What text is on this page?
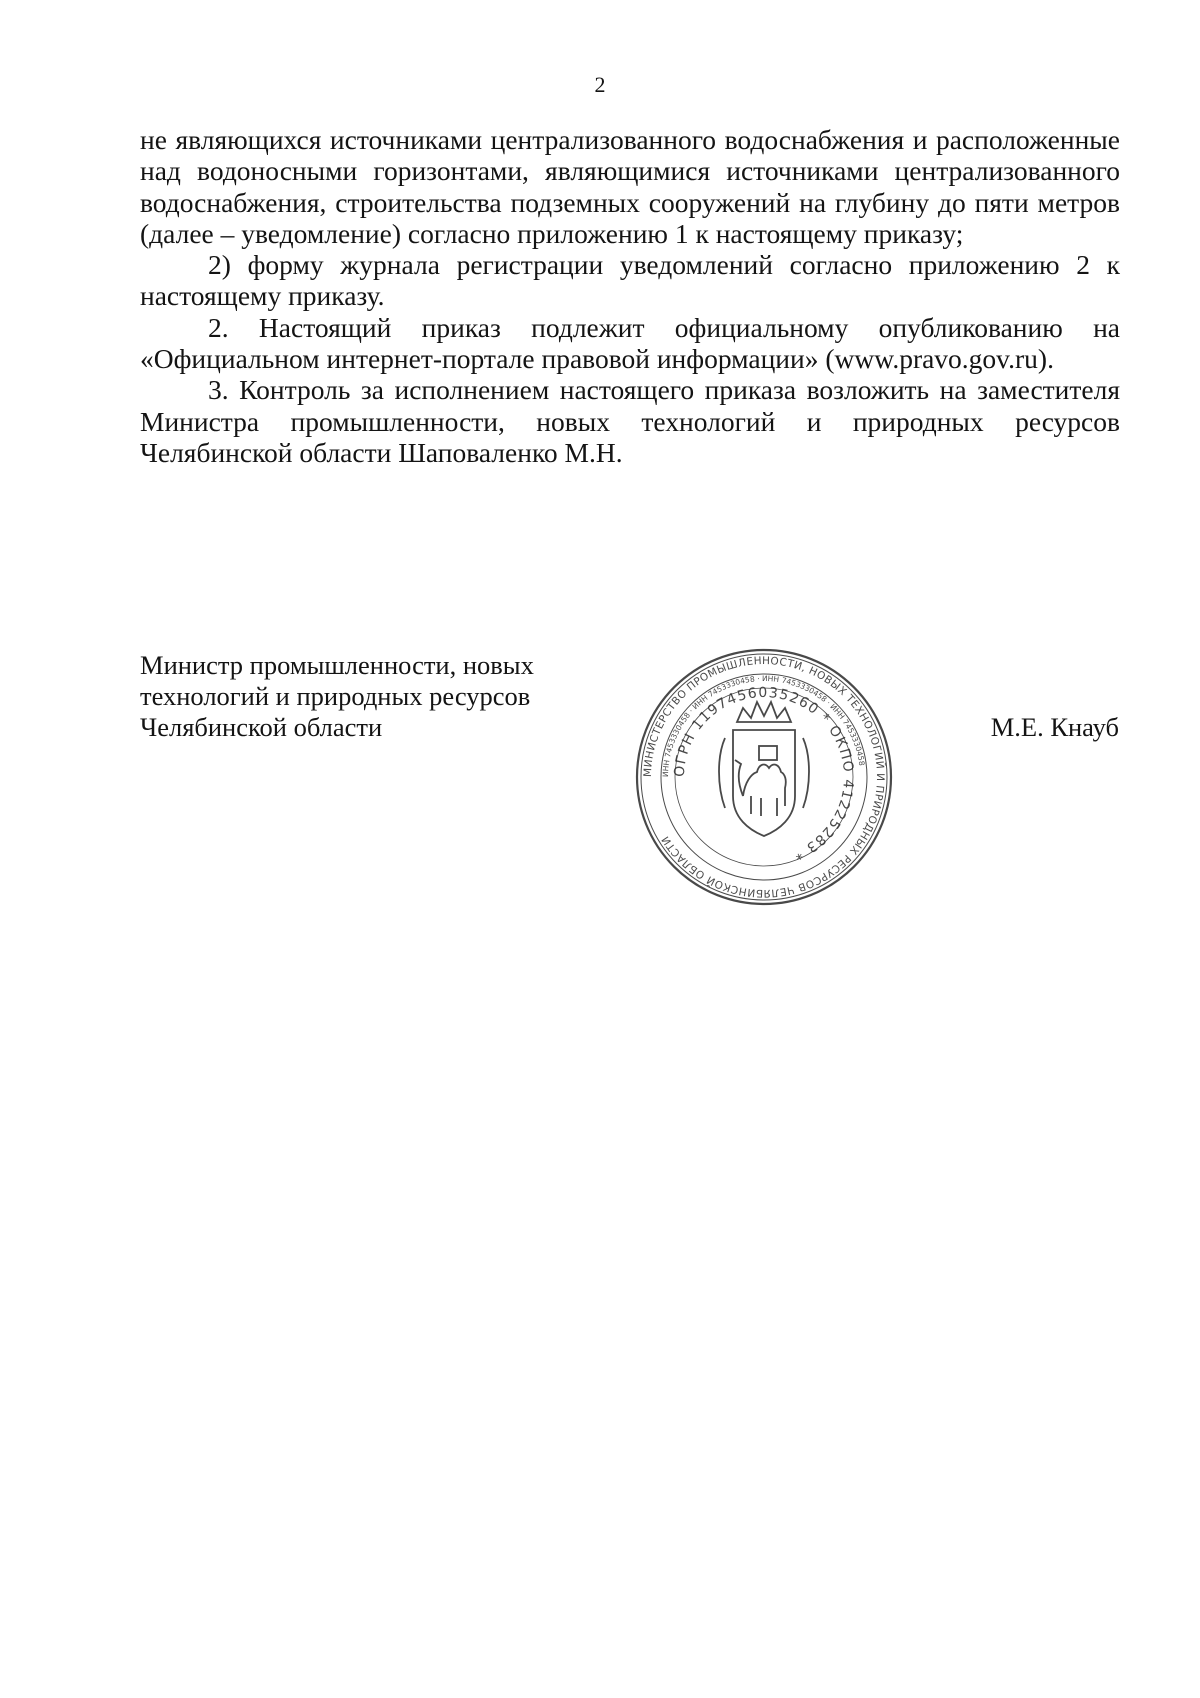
2

не являющихся источниками централизованного водоснабжения и расположенные над водоносными горизонтами, являющимися источниками централизованного водоснабжения, строительства подземных сооружений на глубину до пяти метров (далее – уведомление) согласно приложению 1 к настоящему приказу;

2) форму журнала регистрации уведомлений согласно приложению 2 к настоящему приказу.

2. Настоящий приказ подлежит официальному опубликованию на «Официальном интернет-портале правовой информации» (www.pravo.gov.ru).

3. Контроль за исполнением настоящего приказа возложить на заместителя Министра промышленности, новых технологий и природных ресурсов Челябинской области Шаповаленко М.Н.

Министр промышленности, новых
технологий и природных ресурсов
Челябинской области
МИНИСТЕРСТВО ПРОМЫШЛЕННОСТИ, НОВЫХ ТЕХНОЛОГИЙ И ПРИРОДНЫХ РЕСУРСОВ ЧЕЛЯБИНСКОЙ ОБЛАСТИ
ИНН 7453330458 · ИНН 7453330458 · ИНН 7453330458 · ИНН 7453330458
ОГРН 1197456035260 * ОКПО 41225283 *
М.Е. Кнауб
